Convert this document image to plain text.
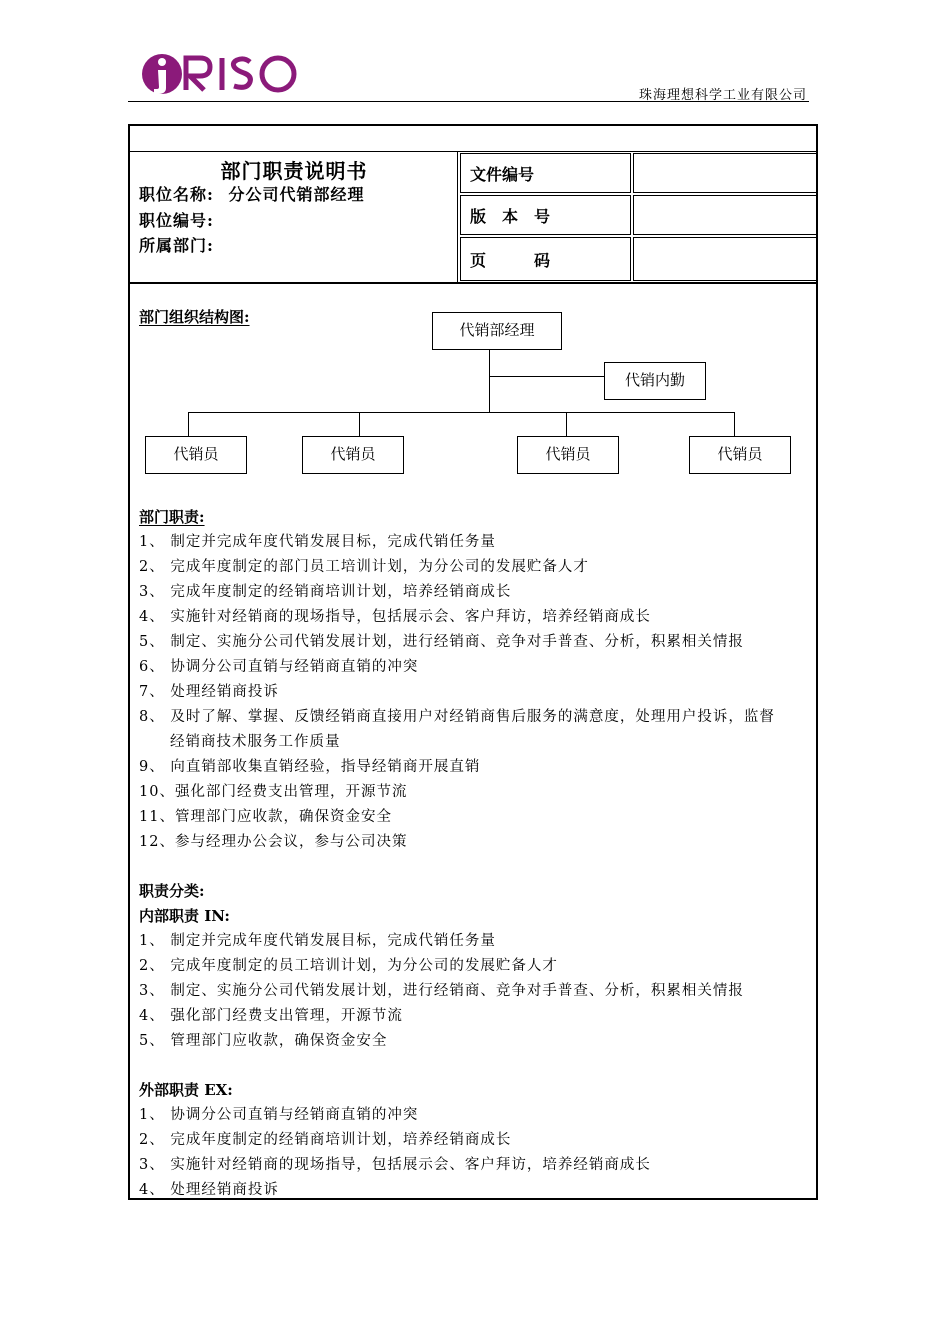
珠海理想科学工业有限公司
部门职责说明书
职位名称: 分公司代销部经理
职位编号:
所属部门:
文件编号
版　本　号
页　　　码
部门组织结构图:
代销部经理
代销内勤
代销员	代销员	代销员	代销员
部门职责:
1、 制定并完成年度代销发展目标，完成代销任务量
2、 完成年度制定的部门员工培训计划，为分公司的发展贮备人才
3、 完成年度制定的经销商培训计划，培养经销商成长
4、 实施针对经销商的现场指导，包括展示会、客户拜访，培养经销商成长
5、 制定、实施分公司代销发展计划，进行经销商、竞争对手普查、分析，积累相关情报
6、 协调分公司直销与经销商直销的冲突
7、 处理经销商投诉
8、 及时了解、掌握、反馈经销商直接用户对经销商售后服务的满意度，处理用户投诉，监督
　　经销商技术服务工作质量
9、 向直销部收集直销经验，指导经销商开展直销
10、强化部门经费支出管理，开源节流
11、管理部门应收款，确保资金安全
12、参与经理办公会议，参与公司决策
职责分类:
内部职责 IN:
1、 制定并完成年度代销发展目标，完成代销任务量
2、 完成年度制定的员工培训计划，为分公司的发展贮备人才
3、 制定、实施分公司代销发展计划，进行经销商、竞争对手普查、分析，积累相关情报
4、 强化部门经费支出管理，开源节流
5、 管理部门应收款，确保资金安全
外部职责 EX:
1、 协调分公司直销与经销商直销的冲突
2、 完成年度制定的经销商培训计划，培养经销商成长
3、 实施针对经销商的现场指导，包括展示会、客户拜访，培养经销商成长
4、 处理经销商投诉
